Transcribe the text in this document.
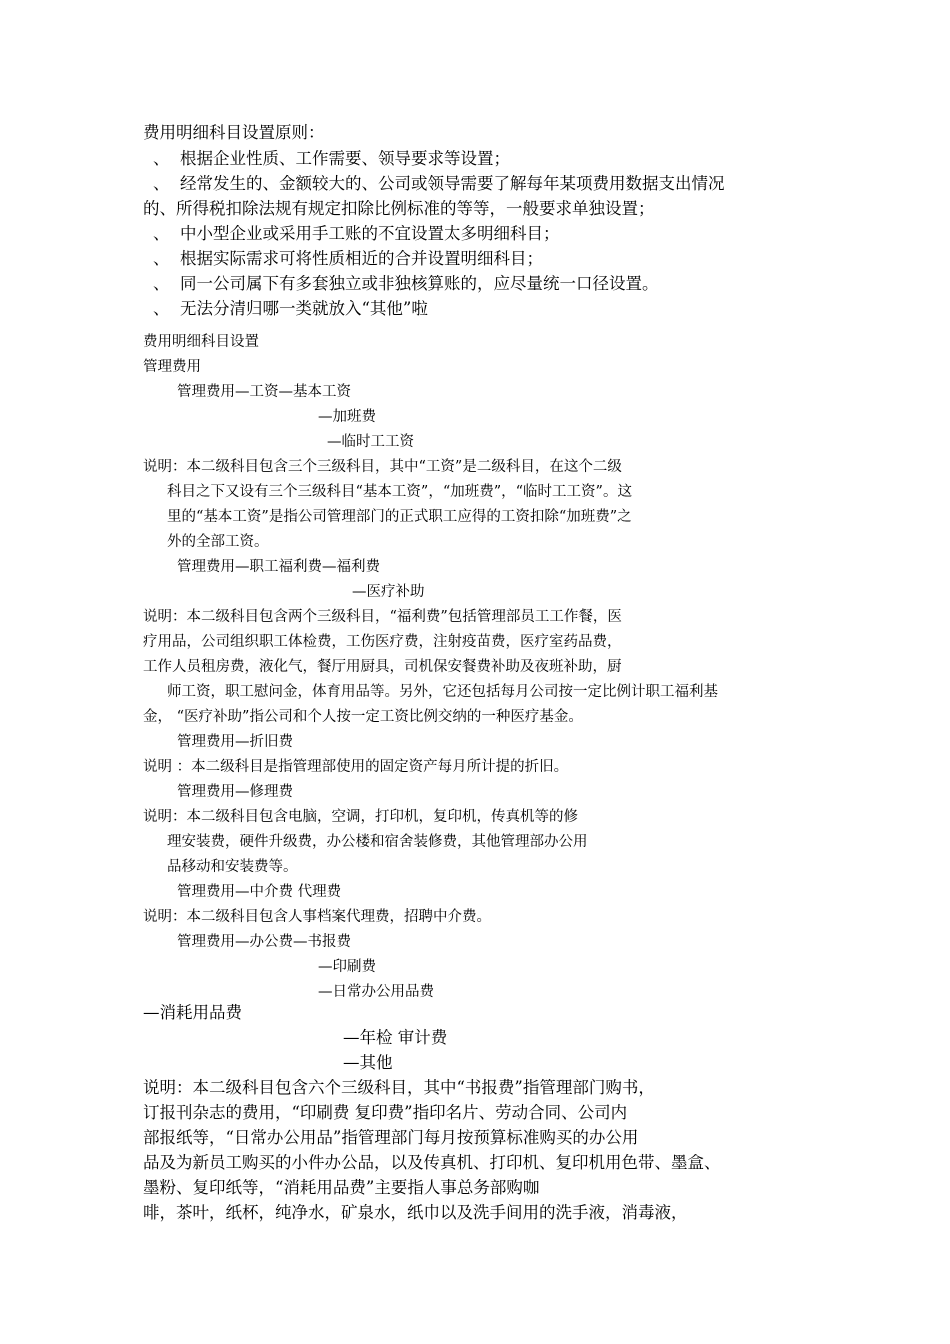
费用明细科目设置原则：
、  根据企业性质、工作需要、领导要求等设置；
、  经常发生的、金额较大的、公司或领导需要了解每年某项费用数据支出情况
的、所得税扣除法规有规定扣除比例标准的等等，一般要求单独设置；
、  中小型企业或采用手工账的不宜设置太多明细科目；
、  根据实际需求可将性质相近的合并设置明细科目；
、  同一公司属下有多套独立或非独核算账的，应尽量统一口径设置。
、  无法分清归哪一类就放入“其他”啦
费用明细科目设置
管理费用
管理费用—工资—基本工资
—加班费
—临时工工资
说明：本二级科目包含三个三级科目，其中“工资”是二级科目，在这个二级
科目之下又设有三个三级科目“基本工资”，“加班费”，“临时工工资”。这
里的“基本工资”是指公司管理部门的正式职工应得的工资扣除“加班费”之
外的全部工资。
管理费用—职工福利费—福利费
—医疗补助
说明：本二级科目包含两个三级科目，“福利费”包括管理部员工工作餐，医
疗用品，公司组织职工体检费，工伤医疗费，注射疫苗费，医疗室药品费，
工作人员租房费，液化气，餐厅用厨具，司机保安餐费补助及夜班补助，厨
师工资，职工慰问金，体育用品等。另外，它还包括每月公司按一定比例计职工福利基
金， “医疗补助”指公司和个人按一定工资比例交纳的一种医疗基金。
管理费用—折旧费
说明 ：本二级科目是指管理部使用的固定资产每月所计提的折旧。
管理费用—修理费
说明：本二级科目包含电脑，空调，打印机，复印机，传真机等的修
理安装费，硬件升级费，办公楼和宿舍装修费，其他管理部办公用
品移动和安装费等。
管理费用—中介费 代理费
说明：本二级科目包含人事档案代理费，招聘中介费。
管理费用—办公费—书报费
—印刷费
—日常办公用品费
—消耗用品费
—年检 审计费
—其他
说明：本二级科目包含六个三级科目，其中“书报费”指管理部门购书，
订报刊杂志的费用，“印刷费 复印费”指印名片、劳动合同、公司内
部报纸等，“日常办公用品”指管理部门每月按预算标准购买的办公用
品及为新员工购买的小件办公品，以及传真机、打印机、复印机用色带、墨盒、
墨粉、复印纸等，“消耗用品费”主要指人事总务部购咖
啡，茶叶，纸杯，纯净水，矿泉水，纸巾以及洗手间用的洗手液，消毒液，
